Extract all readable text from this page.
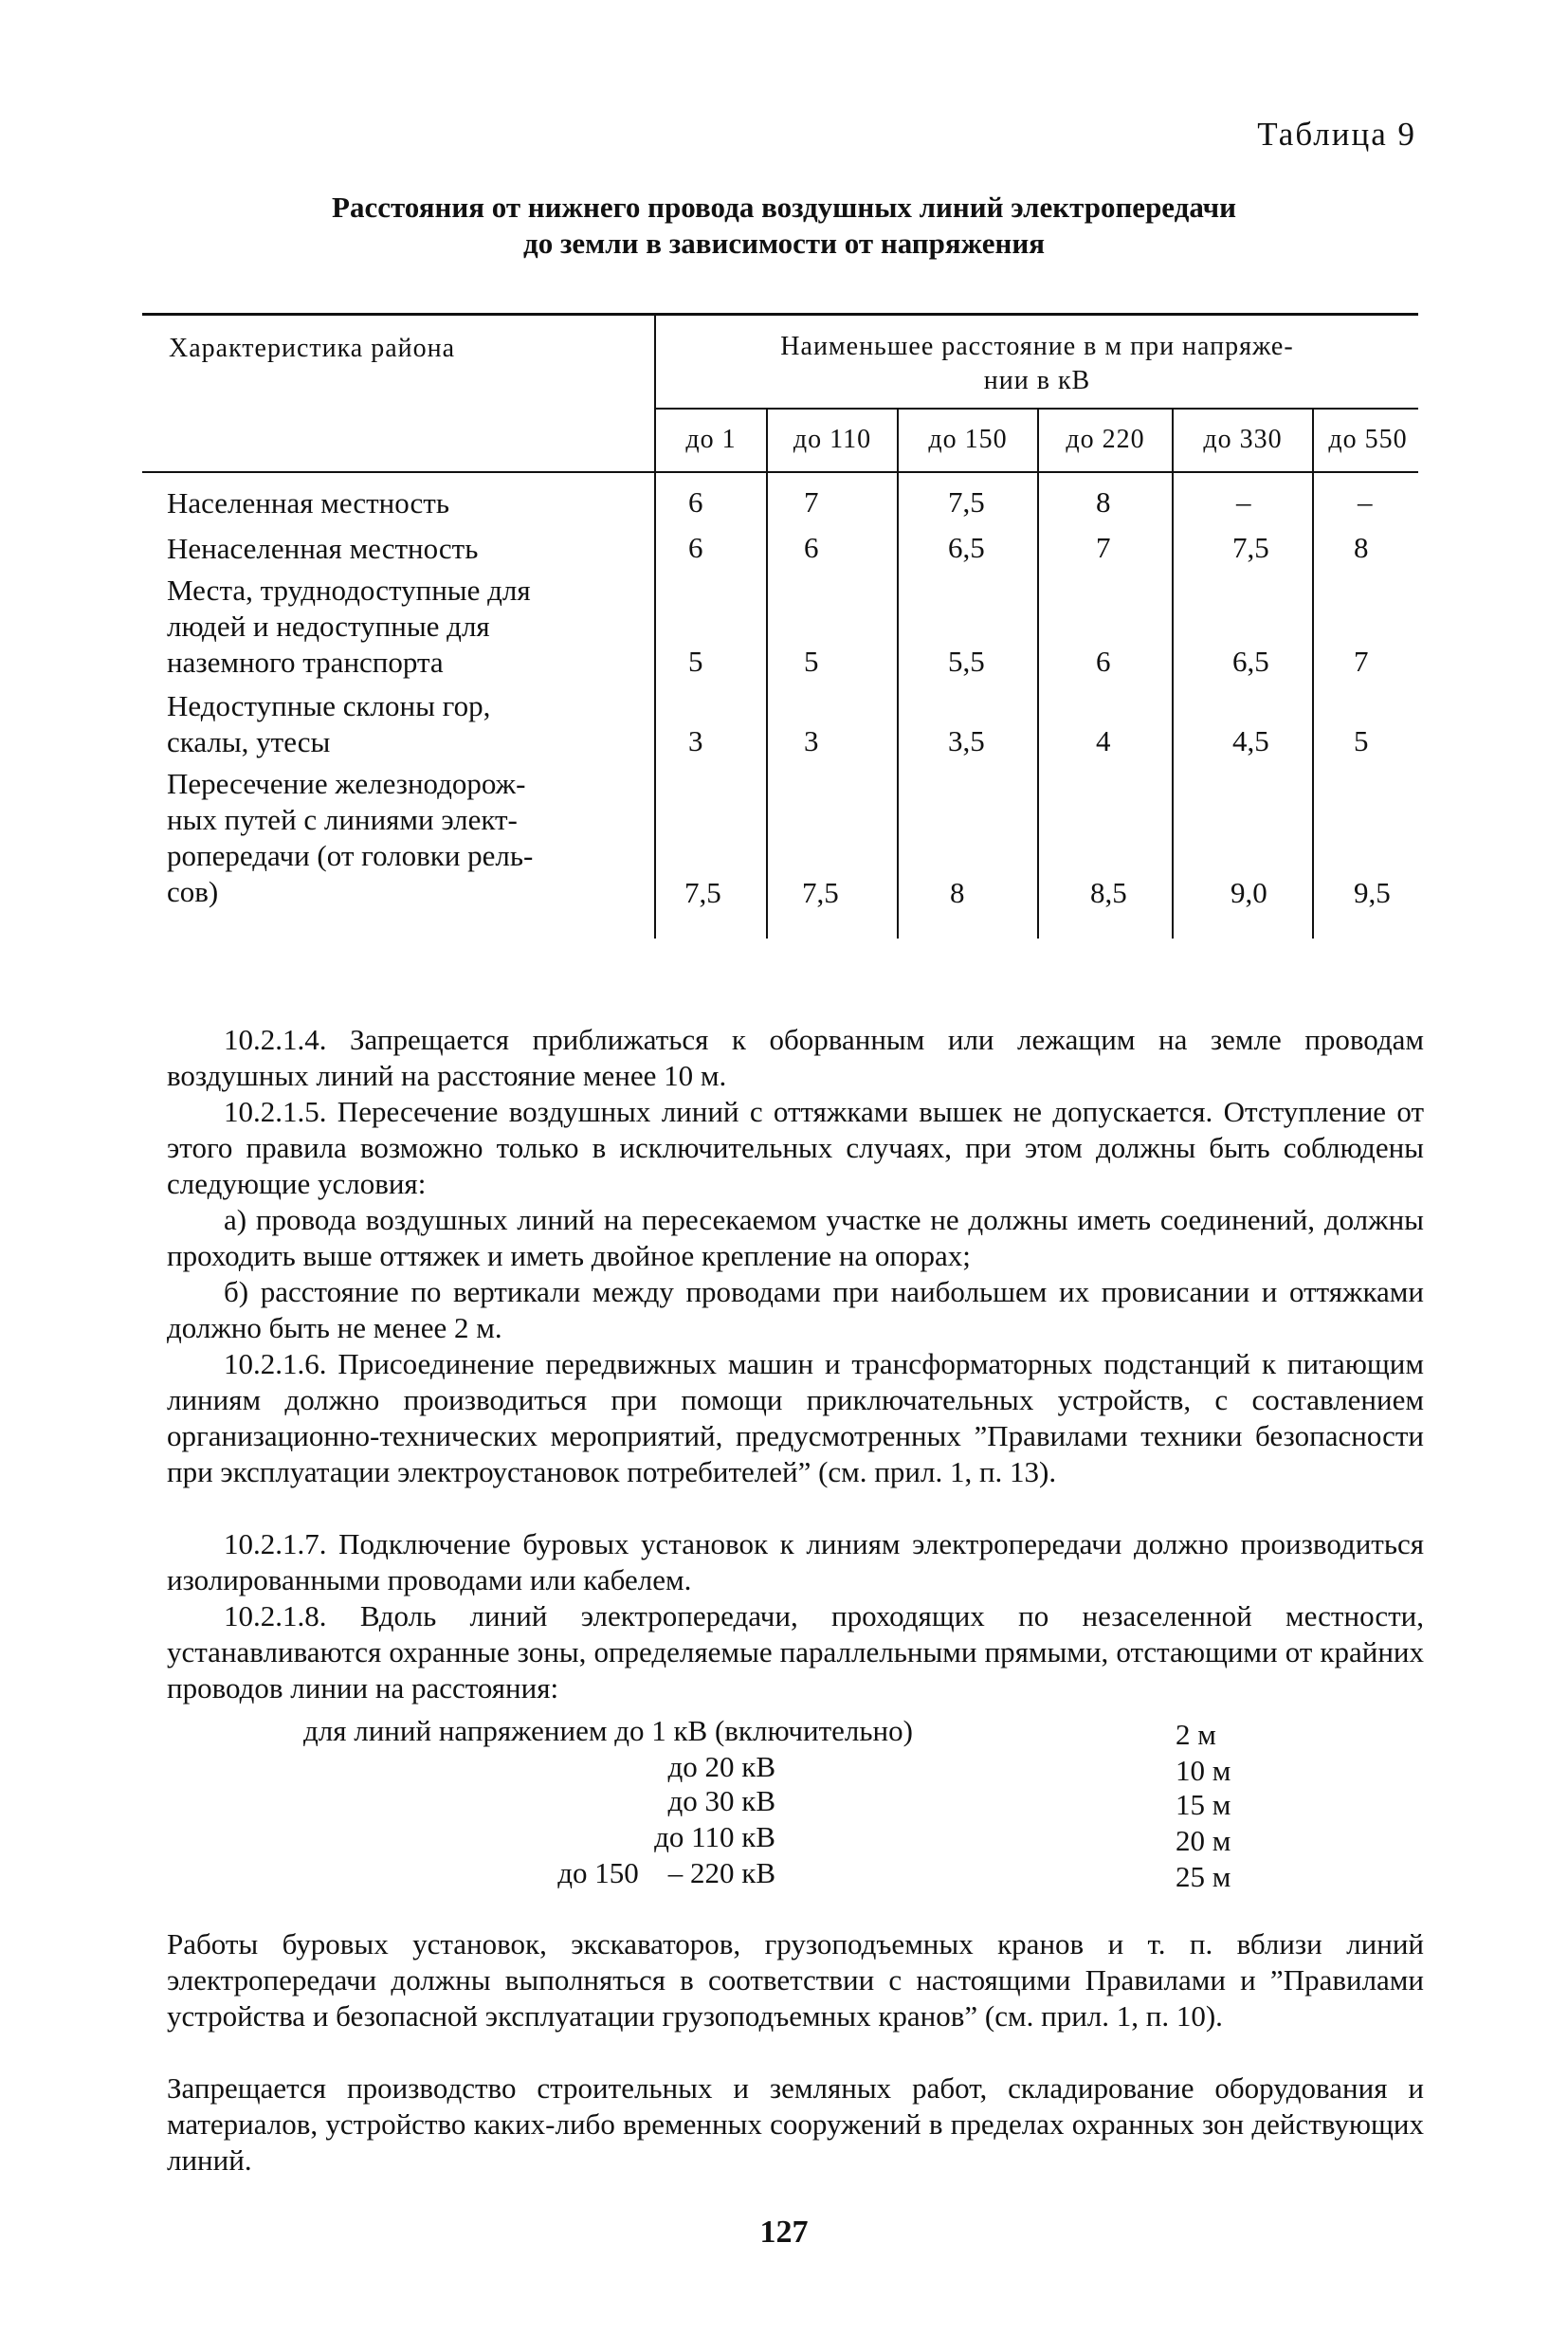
Таблица 9
Расстояния от нижнего провода воздушных линий электропередачи
до земли в зависимости от напряжения
Характеристика района	Наименьшее расстояние в м при напряже-
нии в кВ
до 1	до 110	до 150	до 220	до 330	до 550
Населенная местность	6	7	7,5	8	–	–
Ненаселенная местность	6	6	6,5	7	7,5	8
Места, труднодоступные для
людей и недоступные для
наземного транспорта	5	5	5,5	6	6,5	7
Недоступные склоны гор,
скалы, утесы	3	3	3,5	4	4,5	5
Пересечение железнодорож-
ных путей с линиями элект-
ропередачи (от головки рель-
сов)	7,5	7,5	8	8,5	9,0	9,5
10.2.1.4. Запрещается приближаться к оборванным или лежащим на земле проводам воздушных линий на расстояние менее 10 м.
10.2.1.5. Пересечение воздушных линий с оттяжками вышек не допускается. Отступление от этого правила возможно только в исключительных случаях, при этом должны быть соблюдены следующие условия:
а) провода воздушных линий на пересекаемом участке не должны иметь соединений, должны проходить выше оттяжек и иметь двойное крепление на опорах;
б) расстояние по вертикали между проводами при наибольшем их провисании и оттяжками должно быть не менее 2 м.
10.2.1.6. Присоединение передвижных машин и трансформаторных подстанций к питающим линиям должно производиться при помощи приключательных устройств, с составлением организационно-технических мероприятий, предусмотренных ”Правилами техники безопасности при эксплуатации электроустановок потребителей” (см. прил. 1, п. 13).
10.2.1.7. Подключение буровых установок к линиям электропередачи должно производиться изолированными проводами или кабелем.
10.2.1.8. Вдоль линий электропередачи, проходящих по незаселенной местности, устанавливаются охранные зоны, определяемые параллельными прямыми, отстающими от крайних проводов линии на расстояния:
для линий напряжением до 1 кВ (включительно)	2 м
до 20 кВ	10 м
до 30 кВ	15 м
до 110 кВ	20 м
до 150    – 220 кВ	25 м
Работы буровых установок, экскаваторов, грузоподъемных кранов и т. п. вблизи линий электропередачи должны выполняться в соответствии с настоящими Правилами и ”Правилами устройства и безопасной эксплуатации грузоподъемных кранов” (см. прил. 1, п. 10).
Запрещается производство строительных и земляных работ, складирование оборудования и материалов, устройство каких-либо временных сооружений в пределах охранных зон действующих линий.
127
